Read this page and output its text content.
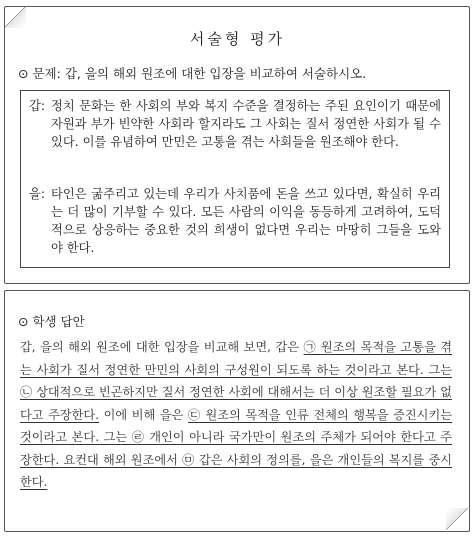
서술형 평가
⊙ 문제: 갑, 을의 해외 원조에 대한 입장을 비교하여 서술하시오.
갑: 정치 문화는 한 사회의 부와 복지 수준을 결정하는 주된 요인이기 때문에 자원과 부가 빈약한 사회라 할지라도 그 사회는 질서 정연한 사회가 될 수 있다. 이를 유념하여 만민은 고통을 겪는 사회들을 원조해야 한다.
을: 타인은 굶주리고 있는데 우리가 사치품에 돈을 쓰고 있다면, 확실히 우리는 더 많이 기부할 수 있다. 모든 사람의 이익을 동등하게 고려하여, 도덕적으로 상응하는 중요한 것의 희생이 없다면 우리는 마땅히 그들을 도와야 한다.
⊙ 학생 답안
갑, 을의 해외 원조에 대한 입장을 비교해 보면, 갑은 ㉠ 원조의 목적을 고통을 겪는 사회가 질서 정연한 만민의 사회의 구성원이 되도록 하는 것이라고 본다. 그는 ㉡ 상대적으로 빈곤하지만 질서 정연한 사회에 대해서는 더 이상 원조할 필요가 없다고 주장한다. 이에 비해 을은 ㉢ 원조의 목적을 인류 전체의 행복을 증진시키는 것이라고 본다. 그는 ㉣ 개인이 아니라 국가만이 원조의 주체가 되어야 한다고 주장한다. 요컨대 해외 원조에서 ㉤ 갑은 사회의 정의를, 을은 개인들의 복지를 중시한다.
